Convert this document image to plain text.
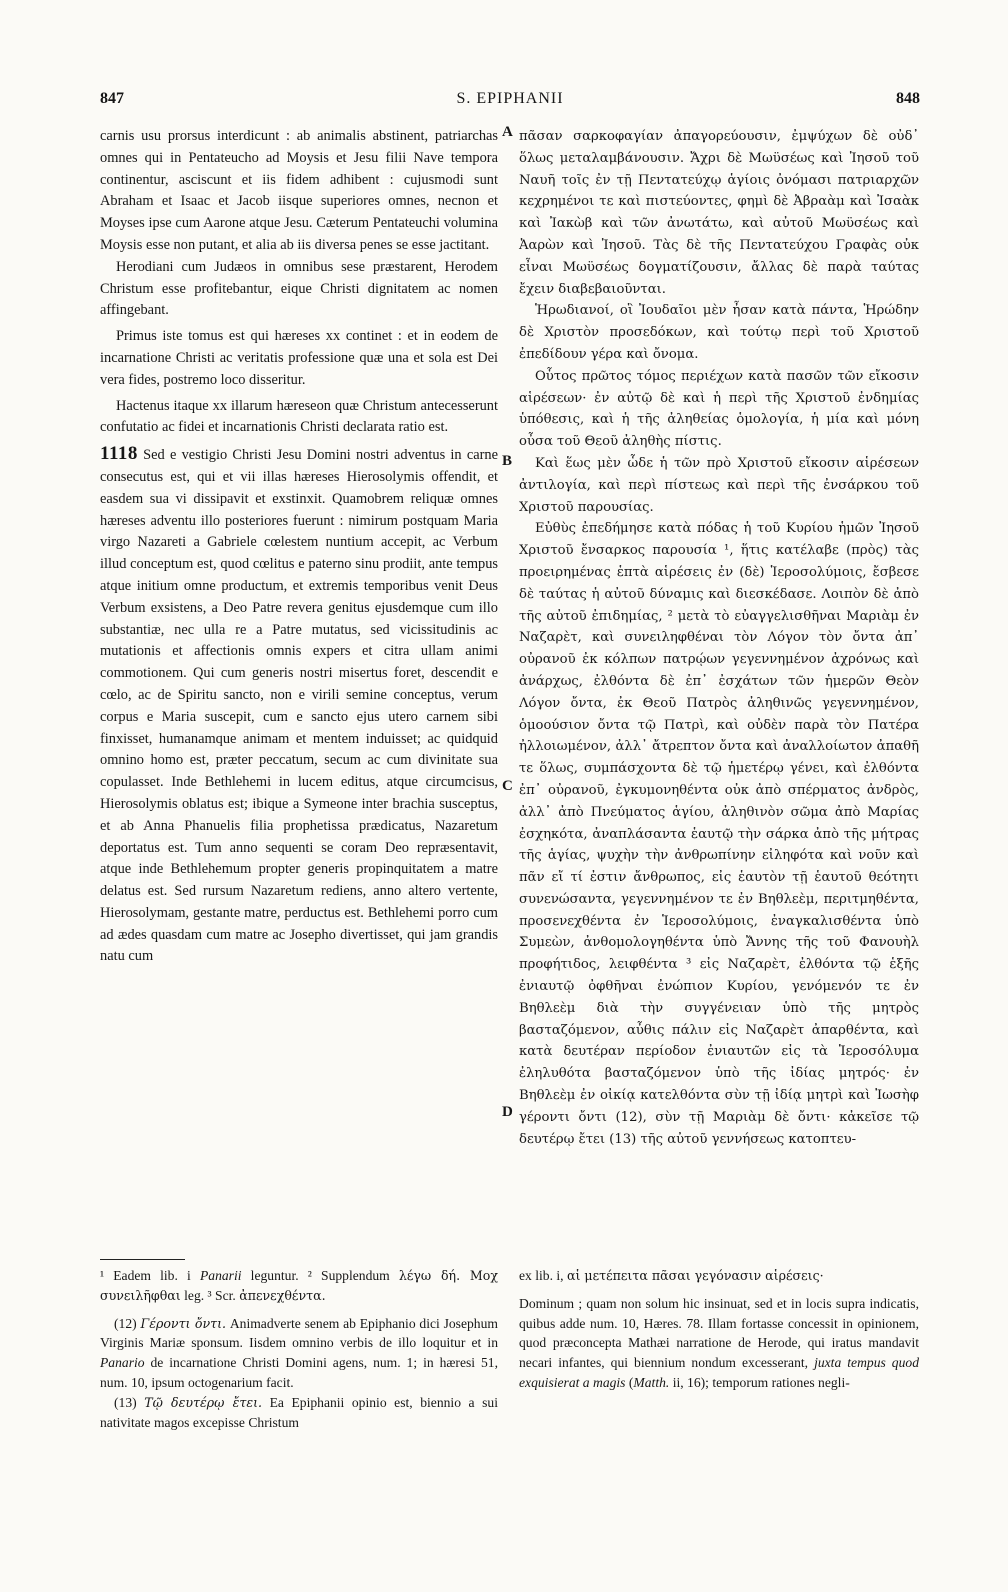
847	S. EPIPHANII	848
A
B
C
D

carnis usu prorsus interdicunt : ab animalis abstinent, patriarchas omnes qui in Pentateucho ad Moysis et Jesu filii Nave tempora continentur, asciscunt et iis fidem adhibent : cujusmodi sunt Abraham et Isaac et Jacob iisque superiores omnes, necnon et Moyses ipse cum Aarone atque Jesu. Cæterum Pentateuchi volumina Moysis esse non putant, et alia ab iis diversa penes se esse jactitant.

Herodiani cum Judæos in omnibus sese præstarent, Herodem Christum esse profitebantur, eique Christi dignitatem ac nomen affingebant.

Primus iste tomus est qui hæreses xx continet : et in eodem de incarnatione Christi ac veritatis professione quæ una et sola est Dei vera fides, postremo loco disseritur.

Hactenus itaque xx illarum hæreseon quæ Christum antecesserunt confutatio ac fidei et incarnationis Christi declarata ratio est.

1118 Sed e vestigio Christi Jesu Domini nostri adventus in carne consecutus est, qui et vii illas hæreses Hierosolymis offendit, et easdem sua vi dissipavit et exstinxit. Quamobrem reliquæ omnes hæreses adventu illo posteriores fuerunt : nimirum postquam Maria virgo Nazareti a Gabriele cœlestem nuntium accepit, ac Verbum illud conceptum est, quod cœlitus e paterno sinu prodiit, ante tempus atque initium omne productum, et extremis temporibus venit Deus Verbum exsistens, a Deo Patre revera genitus ejusdemque cum illo substantiæ, nec ulla re a Patre mutatus, sed vicissitudinis ac mutationis et affectionis omnis expers et citra ullam animi commotionem. Qui cum generis nostri misertus foret, descendit e cœlo, ac de Spiritu sancto, non e virili semine conceptus, verum corpus e Maria suscepit, cum e sancto ejus utero carnem sibi finxisset, humanamque animam et mentem induisset; ac quidquid omnino homo est, præter peccatum, secum ac cum divinitate sua copulasset. Inde Bethlehemi in lucem editus, atque circumcisus, Hierosolymis oblatus est; ibique a Symeone inter brachia susceptus, et ab Anna Phanuelis filia prophetissa prædicatus, Nazaretum deportatus est. Tum anno sequenti se coram Deo repræsentavit, atque inde Bethlehemum propter generis propinquitatem a matre delatus est. Sed rursum Nazaretum rediens, anno altero vertente, Hierosolymam, gestante matre, perductus est. Bethlehemi porro cum ad ædes quasdam cum matre ac Josepho divertisset, qui jam grandis natu cum

πᾶσαν σαρκοφαγίαν ἀπαγορεύουσιν, ἐμψύχων δὲ οὐδ᾽ ὅλως μεταλαμβάνουσιν. Ἄχρι δὲ Μωϋσέως καὶ Ἰησοῦ τοῦ Ναυῆ τοῖς ἐν τῇ Πεντατεύχῳ ἁγίοις ὀνόμασι πατριαρχῶν κεχρημένοι τε καὶ πιστεύοντες, φημὶ δὲ Ἀβραὰμ καὶ Ἰσαὰκ καὶ Ἰακὼβ καὶ τῶν ἀνωτάτω, καὶ αὐτοῦ Μωϋσέως καὶ Ἀαρὼν καὶ Ἰησοῦ. Τὰς δὲ τῆς Πεντατεύχου Γραφὰς οὐκ εἶναι Μωϋσέως δογματίζουσιν, ἄλλας δὲ παρὰ ταύτας ἔχειν διαβεβαιοῦνται.

Ἡρωδιανοί, οἳ Ἰουδαῖοι μὲν ἦσαν κατὰ πάντα, Ἡρώδην δὲ Χριστὸν προσεδόκων, καὶ τούτῳ περὶ τοῦ Χριστοῦ ἐπεδίδουν γέρα καὶ ὄνομα.

Οὗτος πρῶτος τόμος περιέχων κατὰ πασῶν τῶν εἴκοσιν αἱρέσεων· ἐν αὐτῷ δὲ καὶ ἡ περὶ τῆς Χριστοῦ ἐνδημίας ὑπόθεσις, καὶ ἡ τῆς ἀληθείας ὁμολογία, ἡ μία καὶ μόνη οὖσα τοῦ Θεοῦ ἀληθὴς πίστις.

Καὶ ἕως μὲν ὧδε ἡ τῶν πρὸ Χριστοῦ εἴκοσιν αἱρέσεων ἀντιλογία, καὶ περὶ πίστεως καὶ περὶ τῆς ἐνσάρκου τοῦ Χριστοῦ παρουσίας.

Εὐθὺς ἐπεδήμησε κατὰ πόδας ἡ τοῦ Κυρίου ἡμῶν Ἰησοῦ Χριστοῦ ἔνσαρκος παρουσία ¹, ἥτις κατέλαβε (πρὸς) τὰς προειρημένας ἑπτὰ αἱρέσεις ἐν (δὲ) Ἱεροσολύμοις, ἔσβεσε δὲ ταύτας ἡ αὐτοῦ δύναμις καὶ διεσκέδασε. Λοιπὸν δὲ ἀπὸ τῆς αὐτοῦ ἐπιδημίας, ² μετὰ τὸ εὐαγγελισθῆναι Μαριὰμ ἐν Ναζαρὲτ, καὶ συνειληφθέναι τὸν Λόγον τὸν ὄντα ἀπ᾽ οὐρανοῦ ἐκ κόλπων πατρῴων γεγεννημένον ἀχρόνως καὶ ἀνάρχως, ἐλθόντα δὲ ἐπ᾽ ἐσχάτων τῶν ἡμερῶν Θεὸν Λόγον ὄντα, ἐκ Θεοῦ Πατρὸς ἀληθινῶς γεγεννημένον, ὁμοούσιον ὄντα τῷ Πατρὶ, καὶ οὐδὲν παρὰ τὸν Πατέρα ἠλλοιωμένον, ἀλλ᾽ ἄτρεπτον ὄντα καὶ ἀναλλοίωτον ἀπαθῆ τε ὅλως, συμπάσχοντα δὲ τῷ ἡμετέρῳ γένει, καὶ ἐλθόντα ἐπ᾽ οὐρανοῦ, ἐγκυμονηθέντα οὐκ ἀπὸ σπέρματος ἀνδρὸς, ἀλλ᾽ ἀπὸ Πνεύματος ἁγίου, ἀληθινὸν σῶμα ἀπὸ Μαρίας ἐσχηκότα, ἀναπλάσαντα ἑαυτῷ τὴν σάρκα ἀπὸ τῆς μήτρας τῆς ἁγίας, ψυχὴν τὴν ἀνθρωπίνην εἰληφότα καὶ νοῦν καὶ πᾶν εἴ τί ἐστιν ἄνθρωπος, εἰς ἑαυτὸν τῇ ἑαυτοῦ θεότητι συνενώσαντα, γεγεννημένον τε ἐν Βηθλεὲμ, περιτμηθέντα, προσενεχθέντα ἐν Ἱεροσολύμοις, ἐναγκαλισθέντα ὑπὸ Συμεὼν, ἀνθομολογηθέντα ὑπὸ Ἄννης τῆς τοῦ Φανουὴλ προφήτιδος, λειφθέντα ³ εἰς Ναζαρὲτ, ἐλθόντα τῷ ἑξῆς ἐνιαυτῷ ὀφθῆναι ἐνώπιον Κυρίου, γενόμενόν τε ἐν Βηθλεὲμ διὰ τὴν συγγένειαν ὑπὸ τῆς μητρὸς βασταζόμενον, αὖθις πάλιν εἰς Ναζαρὲτ ἀπαρθέντα, καὶ κατὰ δευτέραν περίοδον ἐνιαυτῶν εἰς τὰ Ἱεροσόλυμα ἐληλυθότα βασταζόμενον ὑπὸ τῆς ἰδίας μητρός· ἐν Βηθλεὲμ ἐν οἰκίᾳ κατελθόντα σὺν τῇ ἰδίᾳ μητρὶ καὶ Ἰωσὴφ γέροντι ὄντι (12), σὺν τῇ Μαριὰμ δὲ ὄντι· κἀκεῖσε τῷ δευτέρῳ ἔτει (13) τῆς αὐτοῦ γεννήσεως κατοπτευ-

¹ Eadem lib. i Panarii leguntur. ² Supplendum λέγω δή. Μοχ συνειλῆφθαι leg. ³ Scr. ἀπενεχθέντα.

(12) Γέροντι ὄντι. Animadverte senem ab Epiphanio dici Josephum Virginis Mariæ sponsum. Iisdem omnino verbis de illo loquitur et in Panario de incarnatione Christi Domini agens, num. 1; in hæresi 51, num. 10, ipsum octogenarium facit.

(13) Τῷ δευτέρῳ ἔτει. Ea Epiphanii opinio est, biennio a sui nativitate magos excepisse Christum

ex lib. i, αἱ μετέπειτα πᾶσαι γεγόνασιν αἱρέσεις·

Dominum ; quam non solum hic insinuat, sed et in locis supra indicatis, quibus adde num. 10, Hæres. 78. Illam fortasse concessit in opinionem, quod præconcepta Mathæi narratione de Herode, qui iratus mandavit necari infantes, qui biennium nondum excesserant, juxta tempus quod exquisierat a magis (Matth. ii, 16); temporum rationes negli-
